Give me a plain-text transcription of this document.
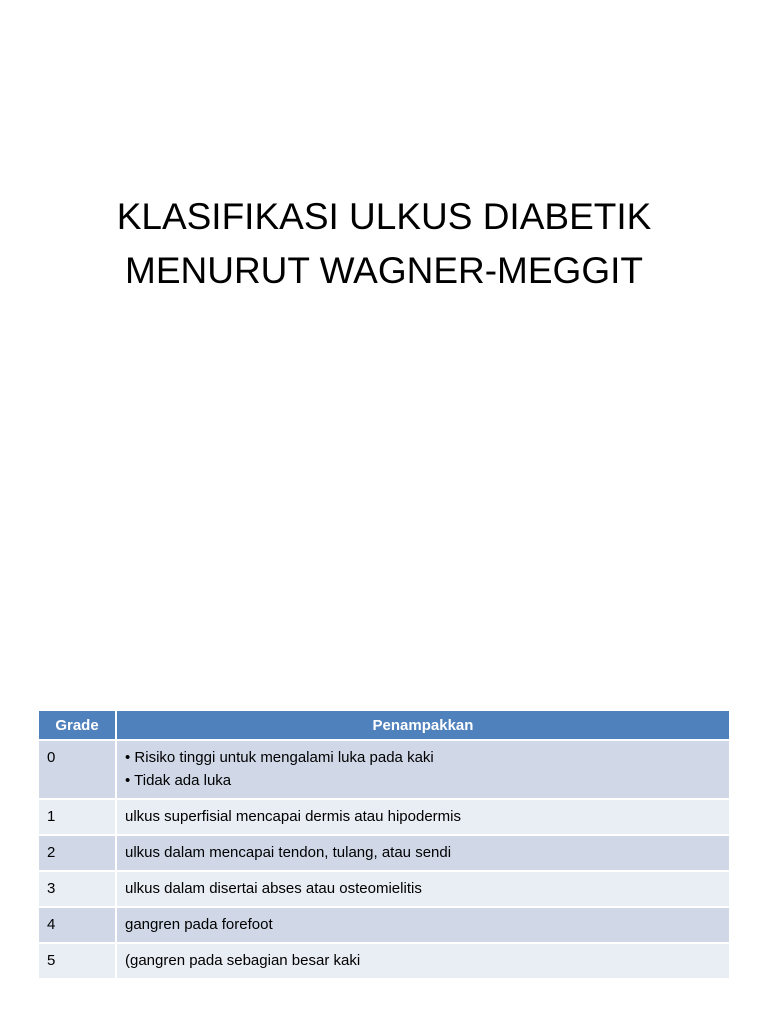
KLASIFIKASI ULKUS DIABETIK
MENURUT WAGNER-MEGGIT
Grade	Penampakkan
0	• Risiko tinggi untuk mengalami luka pada kaki
• Tidak ada luka

1	ulkus superfisial mencapai dermis atau hipodermis
2	ulkus dalam mencapai tendon, tulang, atau sendi
3	ulkus dalam disertai abses atau osteomielitis
4	gangren pada forefoot
5	(gangren pada sebagian besar kaki
